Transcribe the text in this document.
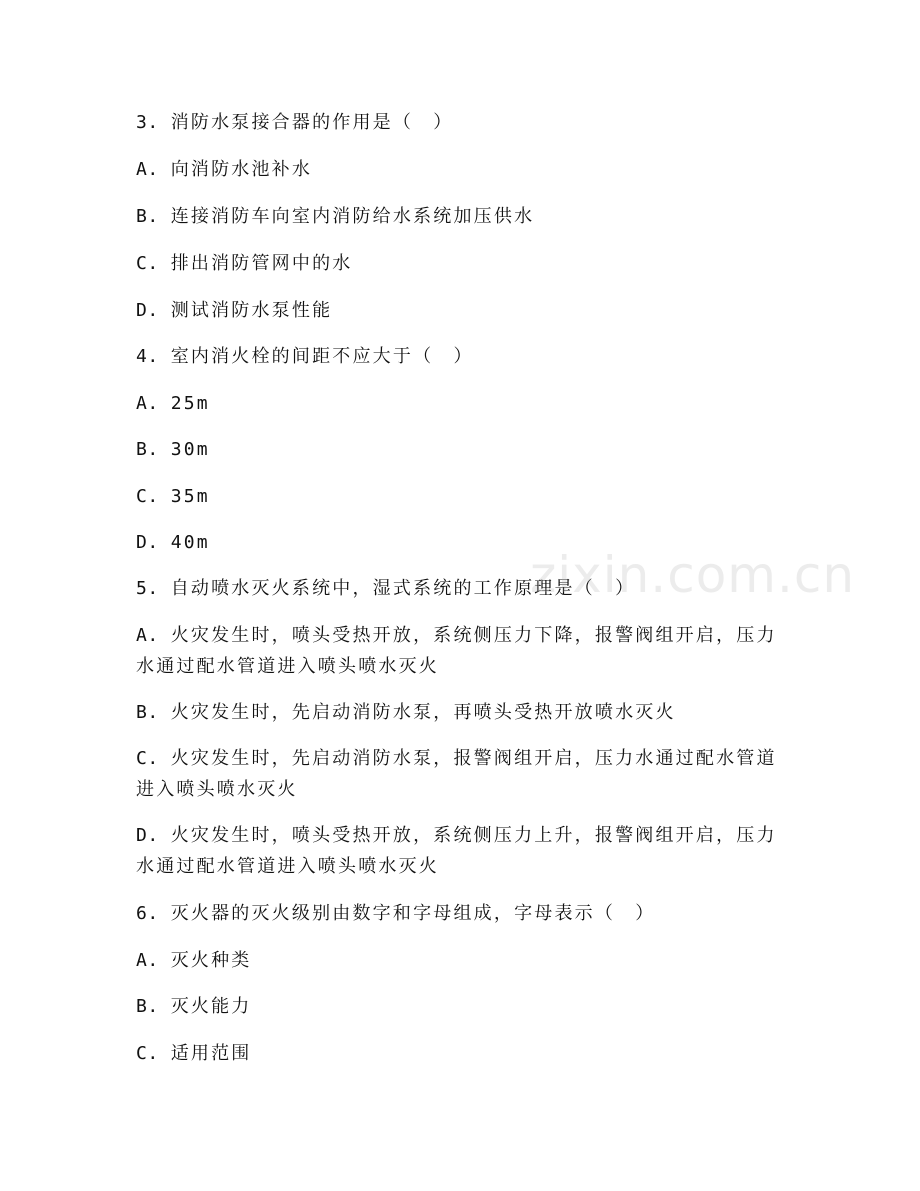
3. 消防水泵接合器的作用是（　）
A. 向消防水池补水
B. 连接消防车向室内消防给水系统加压供水
C. 排出消防管网中的水
D. 测试消防水泵性能
4. 室内消火栓的间距不应大于（　）
A. 25m
B. 30m
C. 35m
D. 40m
5. 自动喷水灭火系统中，湿式系统的工作原理是（　）
A. 火灾发生时，喷头受热开放，系统侧压力下降，报警阀组开启，压力水通过配水管道进入喷头喷水灭火
B. 火灾发生时，先启动消防水泵，再喷头受热开放喷水灭火
C. 火灾发生时，先启动消防水泵，报警阀组开启，压力水通过配水管道进入喷头喷水灭火
D. 火灾发生时，喷头受热开放，系统侧压力上升，报警阀组开启，压力水通过配水管道进入喷头喷水灭火
6. 灭火器的灭火级别由数字和字母组成，字母表示（　）
A. 灭火种类
B. 灭火能力
C. 适用范围
zixin.com.cn
